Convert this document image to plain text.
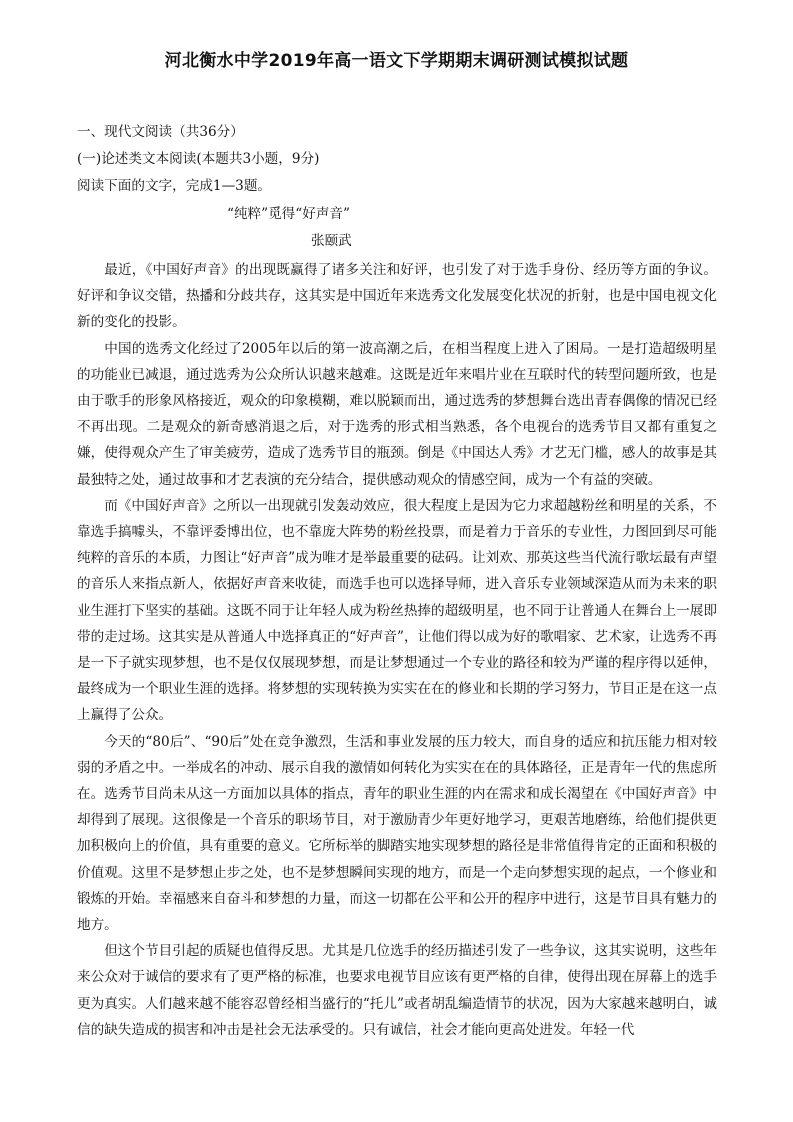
河北衡水中学2019年高一语文下学期期末调研测试模拟试题
一、现代文阅读（共36分）
(一)论述类文本阅读(本题共3小题，9分)
阅读下面的文字，完成1—3题。
“纯粹”觅得“好声音”
张颐武

最近，《中国好声音》的出现既赢得了诸多关注和好评，也引发了对于选手身份、经历等方面的争议。好评和争议交错，热播和分歧共存，这其实是中国近年来选秀文化发展变化状况的折射，也是中国电视文化新的变化的投影。

中国的选秀文化经过了2005年以后的第一波高潮之后，在相当程度上进入了困局。一是打造超级明星的功能业已减退，通过选秀为公众所认识越来越难。这既是近年来唱片业在互联时代的转型问题所致，也是由于歌手的形象风格接近，观众的印象模糊，难以脱颖而出，通过选秀的梦想舞台选出青春偶像的情况已经不再出现。二是观众的新奇感消退之后，对于选秀的形式相当熟悉，各个电视台的选秀节目又都有重复之嫌，使得观众产生了审美疲劳，造成了选秀节目的瓶颈。倒是《中国达人秀》才艺无门槛，感人的故事是其最独特之处，通过故事和才艺表演的充分结合，提供感动观众的情感空间，成为一个有益的突破。

而《中国好声音》之所以一出现就引发轰动效应，很大程度上是因为它力求超越粉丝和明星的关系，不靠选手搞噱头，不靠评委博出位，也不靠庞大阵势的粉丝投票，而是着力于音乐的专业性，力图回到尽可能纯粹的音乐的本质，力图让“好声音”成为唯才是举最重要的砝码。让刘欢、那英这些当代流行歌坛最有声望的音乐人来指点新人，依据好声音来收徒，而选手也可以选择导师，进入音乐专业领域深造从而为未来的职业生涯打下坚实的基础。这既不同于让年轻人成为粉丝热捧的超级明星，也不同于让普通人在舞台上一展即带的走过场。这其实是从普通人中选择真正的“好声音”，让他们得以成为好的歌唱家、艺术家，让选秀不再是一下子就实现梦想，也不是仅仅展现梦想，而是让梦想通过一个专业的路径和较为严谨的程序得以延伸，最终成为一个职业生涯的选择。将梦想的实现转换为实实在在的修业和长期的学习努力，节目正是在这一点上赢得了公众。

今天的“80后”、“90后”处在竞争激烈，生活和事业发展的压力较大，而自身的适应和抗压能力相对较弱的矛盾之中。一举成名的冲动、展示自我的激情如何转化为实实在在的具体路径，正是青年一代的焦虑所在。选秀节目尚未从这一方面加以具体的指点，青年的职业生涯的内在需求和成长渴望在《中国好声音》中却得到了展现。这很像是一个音乐的职场节目，对于激励青少年更好地学习，更艰苦地磨练，给他们提供更加积极向上的价值，具有重要的意义。它所标举的脚踏实地实现梦想的路径是非常值得肯定的正面和积极的价值观。这里不是梦想止步之处，也不是梦想瞬间实现的地方，而是一个走向梦想实现的起点，一个修业和锻炼的开始。幸福感来自奋斗和梦想的力量，而这一切都在公平和公开的程序中进行，这是节目具有魅力的地方。

但这个节目引起的质疑也值得反思。尤其是几位选手的经历描述引发了一些争议，这其实说明，这些年来公众对于诚信的要求有了更严格的标准，也要求电视节目应该有更严格的自律，使得出现在屏幕上的选手更为真实。人们越来越不能容忍曾经相当盛行的“托儿”或者胡乱编造情节的状况，因为大家越来越明白，诚信的缺失造成的损害和冲击是社会无法承受的。只有诚信，社会才能向更高处进发。年轻一代
